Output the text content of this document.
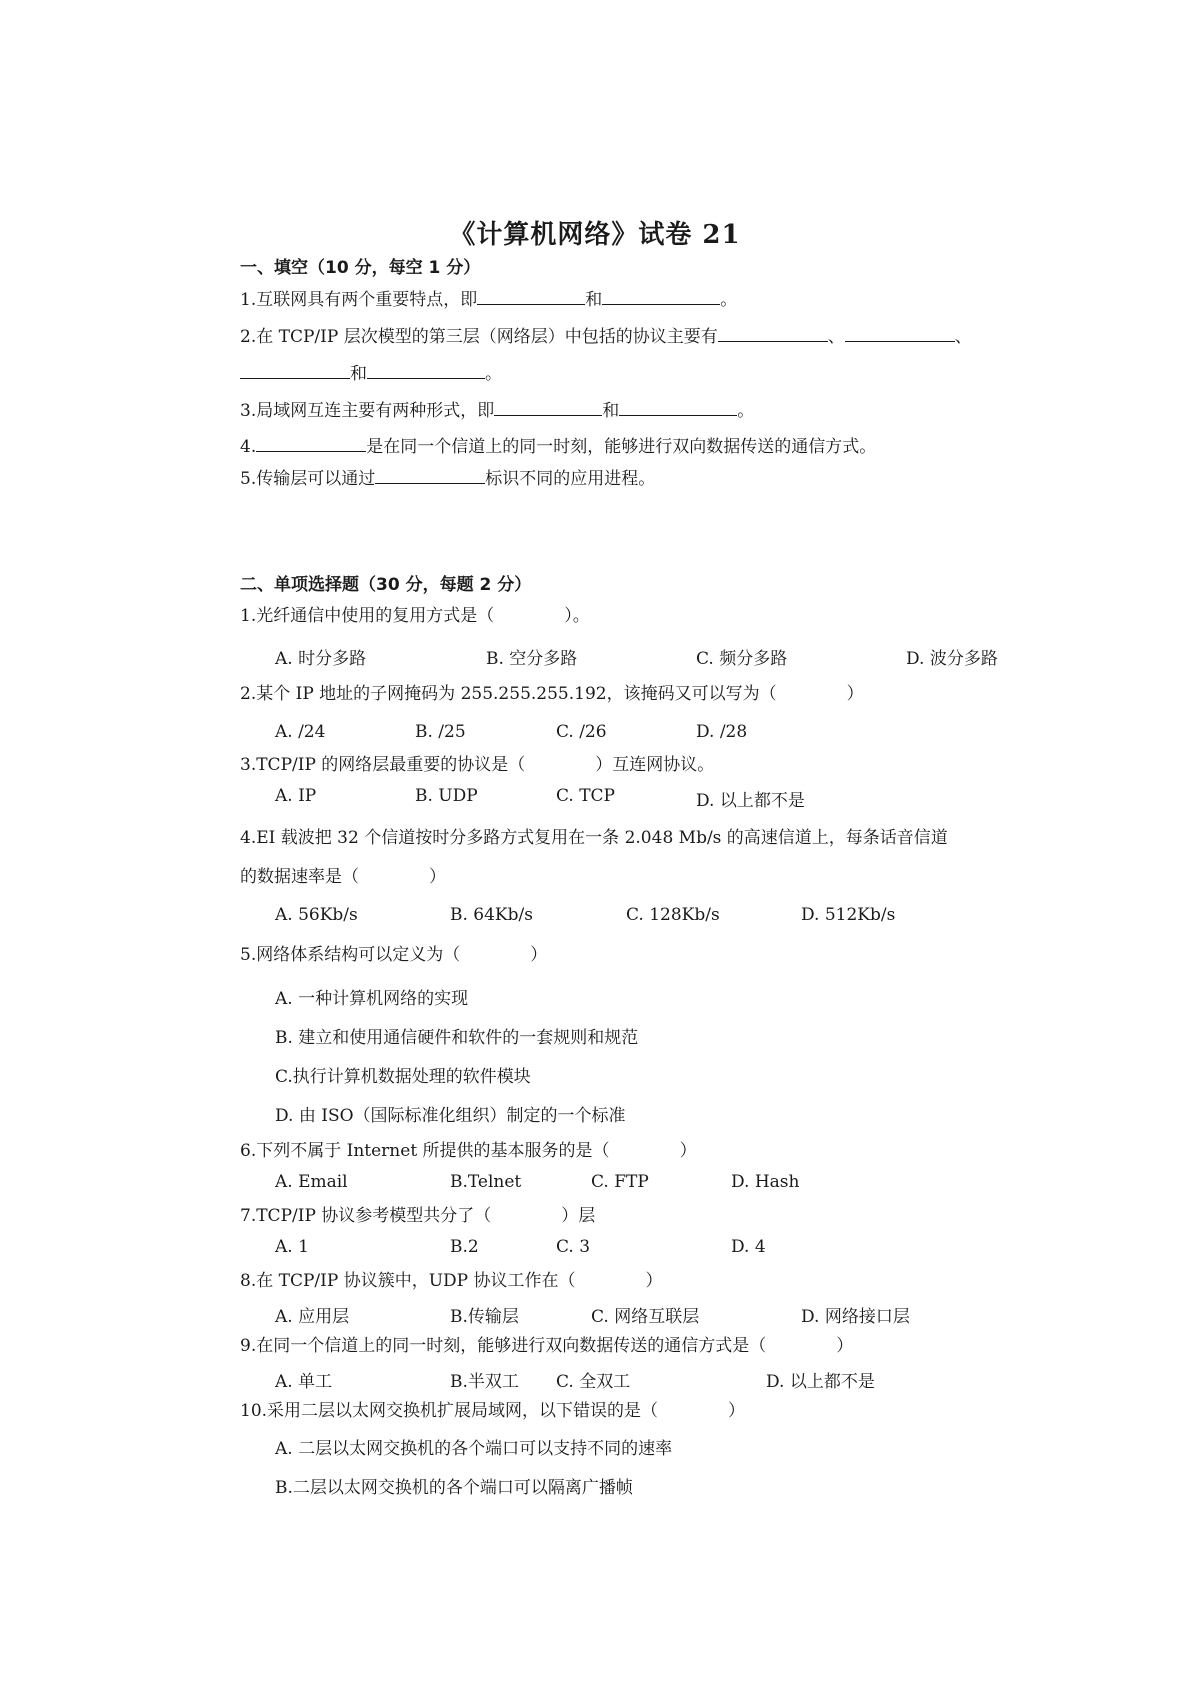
《计算机网络》试卷 21
一、填空（10 分，每空 1 分）
1.互联网具有两个重要特点，即	和	。
2.在 TCP/IP 层次模型的第三层（网络层）中包括的协议主要有	、	、
和	。
3.局域网互连主要有两种形式，即	和	。
4.	是在同一个信道上的同一时刻，能够进行双向数据传送的通信方式。
5.传输层可以通过	标识不同的应用进程。
二、单项选择题（30 分，每题 2 分）
1.光纤通信中使用的复用方式是（	）。
A. 时分多路	B. 空分多路	C. 频分多路	D. 波分多路
2.某个 IP 地址的子网掩码为 255.255.255.192，该掩码又可以写为（	）
A. /24	B. /25	C. /26	D. /28
3.TCP/IP 的网络层最重要的协议是（	）互连网协议。
A. IP	B. UDP	C. TCP	D. 以上都不是
4.EI 载波把 32 个信道按时分多路方式复用在一条 2.048 Mb/s 的高速信道上，每条话音信道
的数据速率是（	）
A. 56Kb/s	B. 64Kb/s	C. 128Kb/s	D. 512Kb/s
5.网络体系结构可以定义为（	）
A. 一种计算机网络的实现
B. 建立和使用通信硬件和软件的一套规则和规范
C.执行计算机数据处理的软件模块
D. 由 ISO（国际标准化组织）制定的一个标准
6.下列不属于 Internet 所提供的基本服务的是（	）
A. Email	B.Telnet	C. FTP	D. Hash
7.TCP/IP 协议参考模型共分了（	）层
A. 1	B.2	C. 3	D. 4
8.在 TCP/IP 协议簇中，UDP 协议工作在（	）
A. 应用层	B.传输层	C. 网络互联层	D. 网络接口层
9.在同一个信道上的同一时刻，能够进行双向数据传送的通信方式是（	）
A. 单工	B.半双工 C. 全双工	D. 以上都不是
10.采用二层以太网交换机扩展局域网，以下错误的是（	）
A. 二层以太网交换机的各个端口可以支持不同的速率
B.二层以太网交换机的各个端口可以隔离广播帧
